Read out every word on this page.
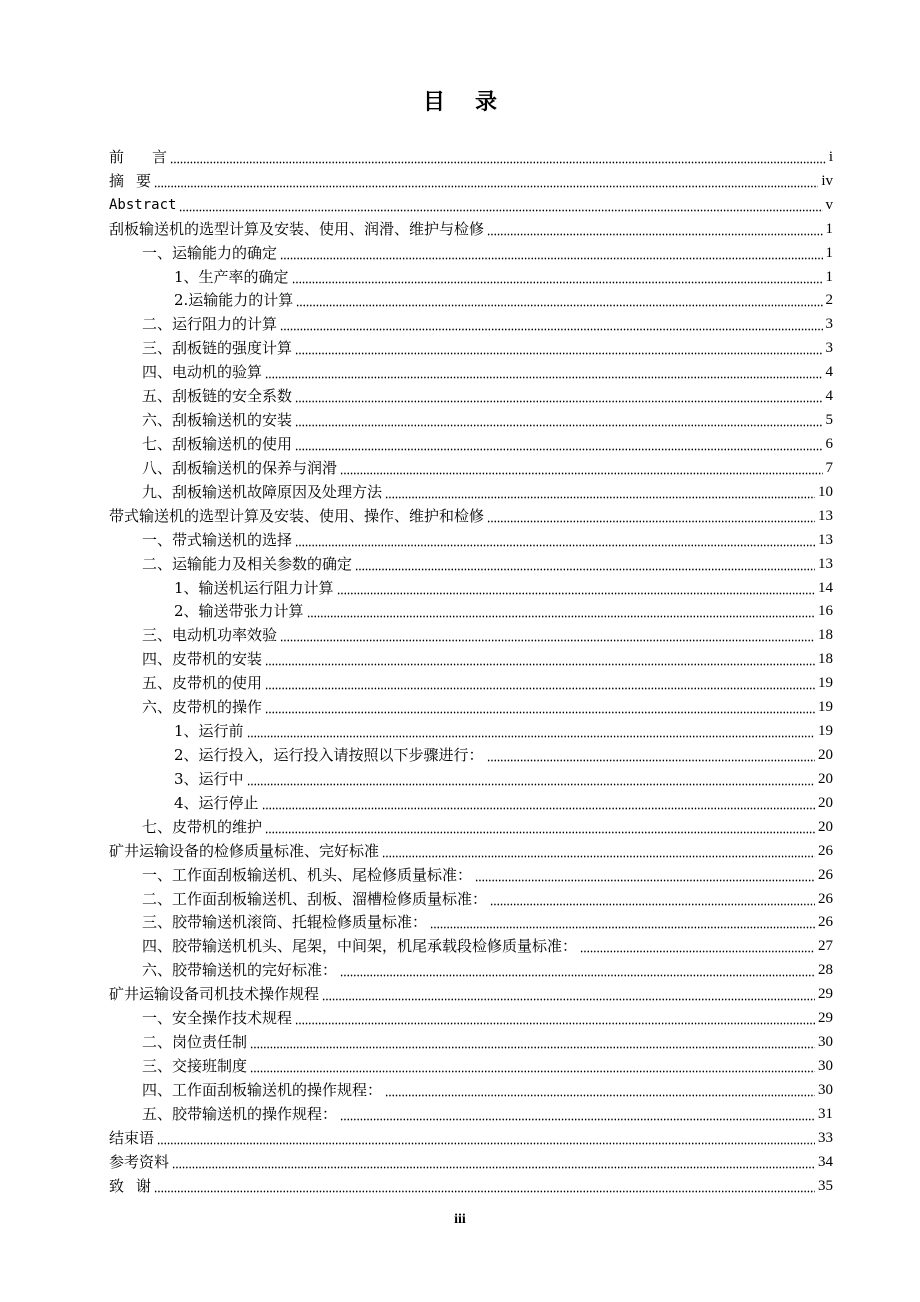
目 录
前言	i
摘要	iv
Abstract	v
刮板输送机的选型计算及安装、使用、润滑、维护与检修	1
一、运输能力的确定	1
1、生产率的确定	1
2.运输能力的计算	2
二、运行阻力的计算	3
三、刮板链的强度计算	3
四、电动机的验算	4
五、刮板链的安全系数	4
六、刮板输送机的安装	5
七、刮板输送机的使用	6
八、刮板输送机的保养与润滑	7
九、刮板输送机故障原因及处理方法	10
带式输送机的选型计算及安装、使用、操作、维护和检修	13
一、带式输送机的选择	13
二、运输能力及相关参数的确定	13
1、输送机运行阻力计算	14
2、输送带张力计算	16
三、电动机功率效验	18
四、皮带机的安装	18
五、皮带机的使用	19
六、皮带机的操作	19
1、运行前	19
2、运行投入，运行投入请按照以下步骤进行：	20
3、运行中	20
4、运行停止	20
七、皮带机的维护	20
矿井运输设备的检修质量标准、完好标准	26
一、工作面刮板输送机、机头、尾检修质量标准：	26
二、工作面刮板输送机、刮板、溜槽检修质量标准：	26
三、胶带输送机滚筒、托辊检修质量标准：	26
四、胶带输送机机头、尾架，中间架，机尾承载段检修质量标准：	27
六、胶带输送机的完好标准：	28
矿井运输设备司机技术操作规程	29
一、安全操作技术规程	29
二、岗位责任制	30
三、交接班制度	30
四、工作面刮板输送机的操作规程：	30
五、胶带输送机的操作规程：	31
结束语	33
参考资料	34
致谢	35
iii
